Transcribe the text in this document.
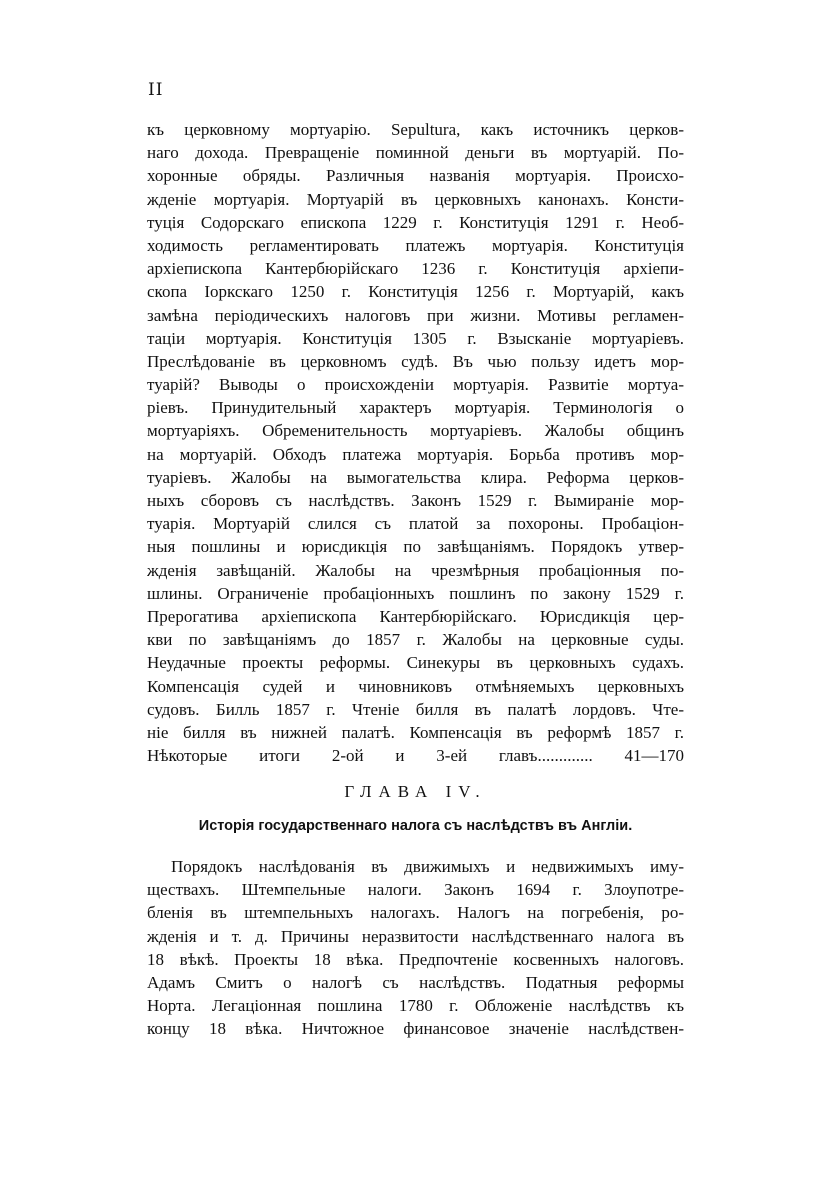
II
къ церковному мортуарію. Sepultura, какъ источникъ церков-
наго дохода. Превращеніе поминной деньги въ мортуарій. По-
хоронные обряды. Различныя названія мортуарія. Происхо-
жденіе мортуарія. Мортуарій въ церковныхъ канонахъ. Консти-
туція Содорскаго епископа 1229 г. Конституція 1291 г. Необ-
ходимость регламентировать платежъ мортуарія. Конституція
архіепископа Кантербюрійскаго 1236 г. Конституція архіепи-
скопа Іоркскаго 1250 г. Конституція 1256 г. Мортуарій, какъ
замѣна періодическихъ налоговъ при жизни. Мотивы регламен-
таціи мортуарія. Конституція 1305 г. Взысканіе мортуаріевъ.
Преслѣдованіе въ церковномъ судѣ. Въ чью пользу идетъ мор-
туарій? Выводы о происхожденіи мортуарія. Развитіе мортуа-
ріевъ. Принудительный характеръ мортуарія. Терминологія о
мортуаріяхъ. Обременительность мортуаріевъ. Жалобы общинъ
на мортуарій. Обходъ платежа мортуарія. Борьба противъ мор-
туаріевъ. Жалобы на вымогательства клира. Реформа церков-
ныхъ сборовъ съ наслѣдствъ. Законъ 1529 г. Вымираніе мор-
туарія. Мортуарій слился съ платой за похороны. Пробаціон-
ныя пошлины и юрисдикція по завѣщаніямъ. Порядокъ утвер-
жденія завѣщаній. Жалобы на чрезмѣрныя пробаціонныя по-
шлины. Ограниченіе пробаціонныхъ пошлинъ по закону 1529 г.
Прерогатива архіепископа Кантербюрійскаго. Юрисдикція цер-
кви по завѣщаніямъ до 1857 г. Жалобы на церковные суды.
Неудачные проекты реформы. Синекуры въ церковныхъ судахъ.
Компенсація судей и чиновниковъ отмѣняемыхъ церковныхъ
судовъ. Билль 1857 г. Чтеніе билля въ палатѣ лордовъ. Чте-
ніе билля въ нижней палатѣ. Компенсація въ реформѣ 1857 г.
Нѣкоторые итоги 2-ой и 3-ей главъ............. 41—170
ГЛАВА IV.
Исторія государственнаго налога съ наслѣдствъ въ Англіи.
Порядокъ наслѣдованія въ движимыхъ и недвижимыхъ иму-
ществахъ. Штемпельные налоги. Законъ 1694 г. Злоупотре-
бленія въ штемпельныхъ налогахъ. Налогъ на погребенія, ро-
жденія и т. д. Причины неразвитости наслѣдственнаго налога въ
18 вѣкѣ. Проекты 18 вѣка. Предпочтеніе косвенныхъ налоговъ.
Адамъ Смитъ о налогѣ съ наслѣдствъ. Податныя реформы
Норта. Легаціонная пошлина 1780 г. Обложеніе наслѣдствъ къ
концу 18 вѣка. Ничтожное финансовое значеніе наслѣдствен-
